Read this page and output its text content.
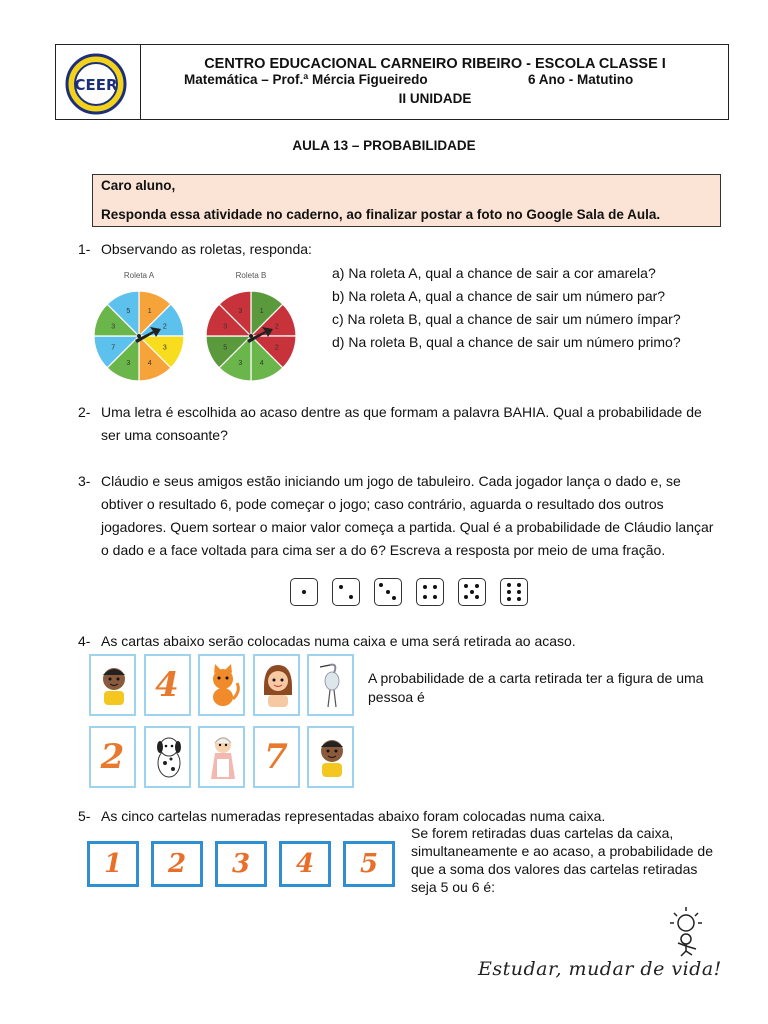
CEER
CENTRO EDUCACIONAL CARNEIRO RIBEIRO - ESCOLA CLASSE I
Matemática – Prof.ª Mércia Figueiredo	6 Ano - Matutino
II UNIDADE
AULA 13 – PROBABILIDADE
Caro aluno,
Responda essa atividade no caderno, ao finalizar postar a foto no Google Sala de Aula.
1- Observando as roletas, responda:
Roleta A	Roleta B
1
2
3
4
3
7
3
5	1
2
2
4
3
5
3
3
a) Na roleta A, qual a chance de sair a cor amarela?
b) Na roleta A, qual a chance de sair um número par?
c) Na roleta B, qual a chance de sair um número ímpar?
d) Na roleta B, qual a chance de sair um número primo?
2- Uma letra é escolhida ao acaso dentre as que formam a palavra BAHIA. Qual a probabilidade de
ser uma consoante?
3- Cláudio e seus amigos estão iniciando um jogo de tabuleiro. Cada jogador lança o dado e, se
obtiver o resultado 6, pode começar o jogo; caso contrário, aguarda o resultado dos outros
jogadores. Quem sortear o maior valor começa a partida. Qual é a probabilidade de Cláudio lançar
o dado e a face voltada para cima ser a do 6? Escreva a resposta por meio de uma fração.
4- As cartas abaixo serão colocadas numa caixa e uma será retirada ao acaso.
4
2	7
A probabilidade de a carta retirada ter a figura de uma
pessoa é
5- As cinco cartelas numeradas representadas abaixo foram colocadas numa caixa.
1	2	3	4	5
Se forem retiradas duas cartelas da caixa,
simultaneamente e ao acaso, a probabilidade de
que a soma dos valores das cartelas retiradas
seja 5 ou 6 é:
Estudar, mudar de vida!
